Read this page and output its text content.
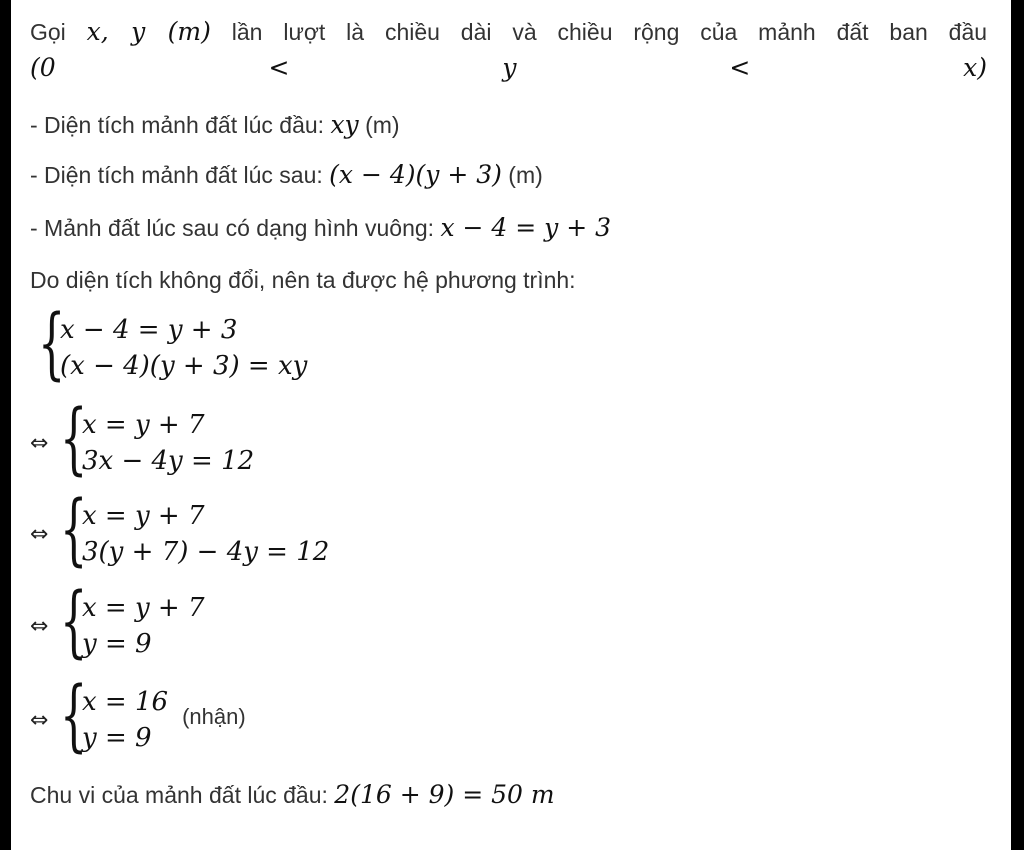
Gọi x, y (m) lần lượt là chiều dài và chiều rộng của mảnh đất ban đầu
(0 < y < x)
- Diện tích mảnh đất lúc đầu: xy (m)
- Diện tích mảnh đất lúc sau: (x − 4)(y + 3) (m)
- Mảnh đất lúc sau có dạng hình vuông: x − 4 = y + 3
Do diện tích không đổi, nên ta được hệ phương trình:
{
x − 4 = y + 3
(x − 4)(y + 3) = xy
⇔ {
x = y + 7
3x − 4y = 12
⇔ {
x = y + 7
3(y + 7) − 4y = 12
⇔ {
x = y + 7
y = 9
⇔ {
x = 16
y = 9
(nhận)
Chu vi của mảnh đất lúc đầu: 2(16 + 9) = 50 m
